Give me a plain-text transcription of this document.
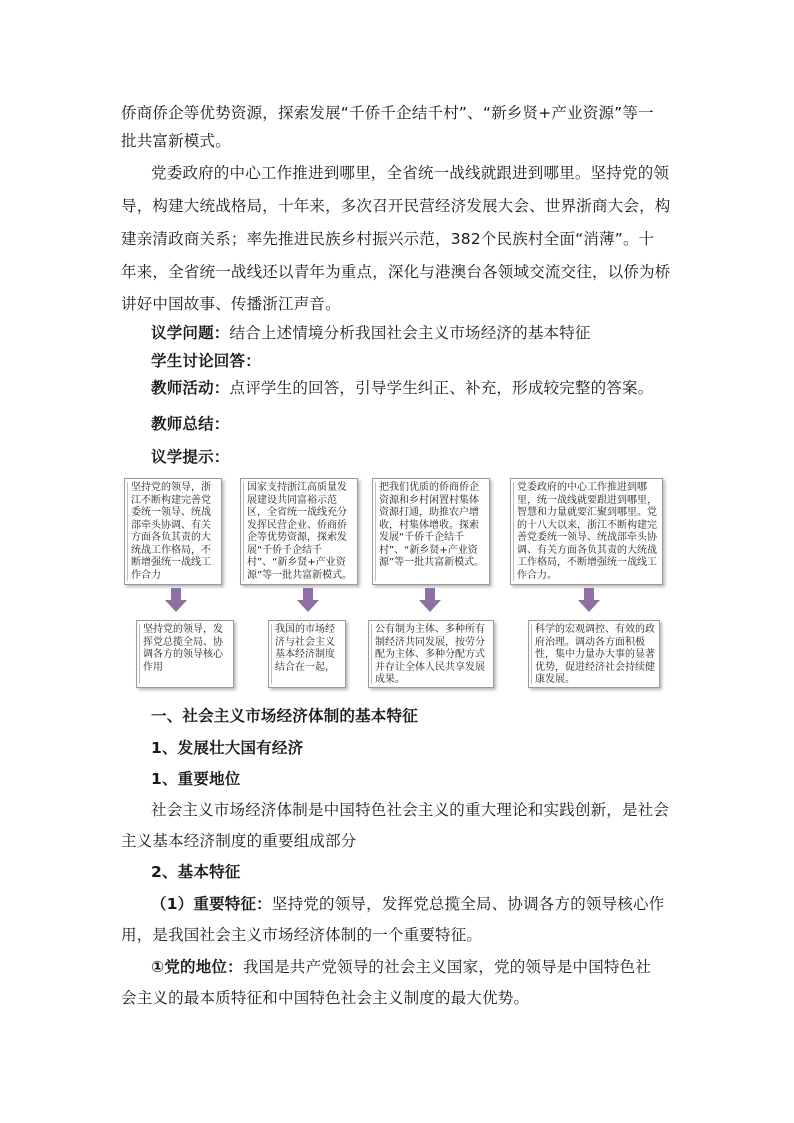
侨商侨企等优势资源，探索发展“千侨千企结千村”、“新乡贤+产业资源”等一
批共富新模式。
党委政府的中心工作推进到哪里，全省统一战线就跟进到哪里。坚持党的领
导，构建大统战格局，十年来，多次召开民营经济发展大会、世界浙商大会，构
建亲清政商关系；率先推进民族乡村振兴示范，382个民族村全面“消薄”。十
年来，全省统一战线还以青年为重点，深化与港澳台各领域交流交往，以侨为桥
讲好中国故事、传播浙江声音。
议学问题：结合上述情境分析我国社会主义市场经济的基本特征
学生讨论回答：
教师活动：点评学生的回答，引导学生纠正、补充，形成较完整的答案。
教师总结：
议学提示：
坚持党的领导，浙江不断构建完善党委统一领导、统战部牵头协调、有关方面各负其责的大统战工作格局，不断增强统一战线工作合力
国家支持浙江高质量发展建设共同富裕示范区，全省统一战线充分发挥民营企业、侨商侨企等优势资源，探索发展“千侨千企结千村”、“新乡贤+产业资源”等一批共富新模式。
把我们优质的侨商侨企资源和乡村闲置村集体资源打通，助推农户增收，村集体增收。探索发展“千侨千企结千村”、“新乡贤+产业资源”等一批共富新模式。
党委政府的中心工作推进到哪里，统一战线就要跟进到哪里，智慧和力量就要汇聚到哪里。党的十八大以来，浙江不断构建完善党委统一领导、统战部牵头协调、有关方面各负其责的大统战工作格局，不断增强统一战线工作合力。
坚持党的领导，发挥党总揽全局、协调各方的领导核心作用
我国的市场经济与社会主义基本经济制度结合在一起，
公有制为主体、多种所有制经济共同发展，按劳分配为主体、多种分配方式并存让全体人民共享发展成果。
科学的宏观调控、有效的政府治理。调动各方面积极性，集中力量办大事的显著优势，促进经济社会持续健康发展。
一、社会主义市场经济体制的基本特征
1、发展壮大国有经济
1、重要地位
社会主义市场经济体制是中国特色社会主义的重大理论和实践创新，是社会
主义基本经济制度的重要组成部分
2、基本特征
（1）重要特征：坚持党的领导，发挥党总揽全局、协调各方的领导核心作
用，是我国社会主义市场经济体制的一个重要特征。
①党的地位：我国是共产党领导的社会主义国家，党的领导是中国特色社
会主义的最本质特征和中国特色社会主义制度的最大优势。
